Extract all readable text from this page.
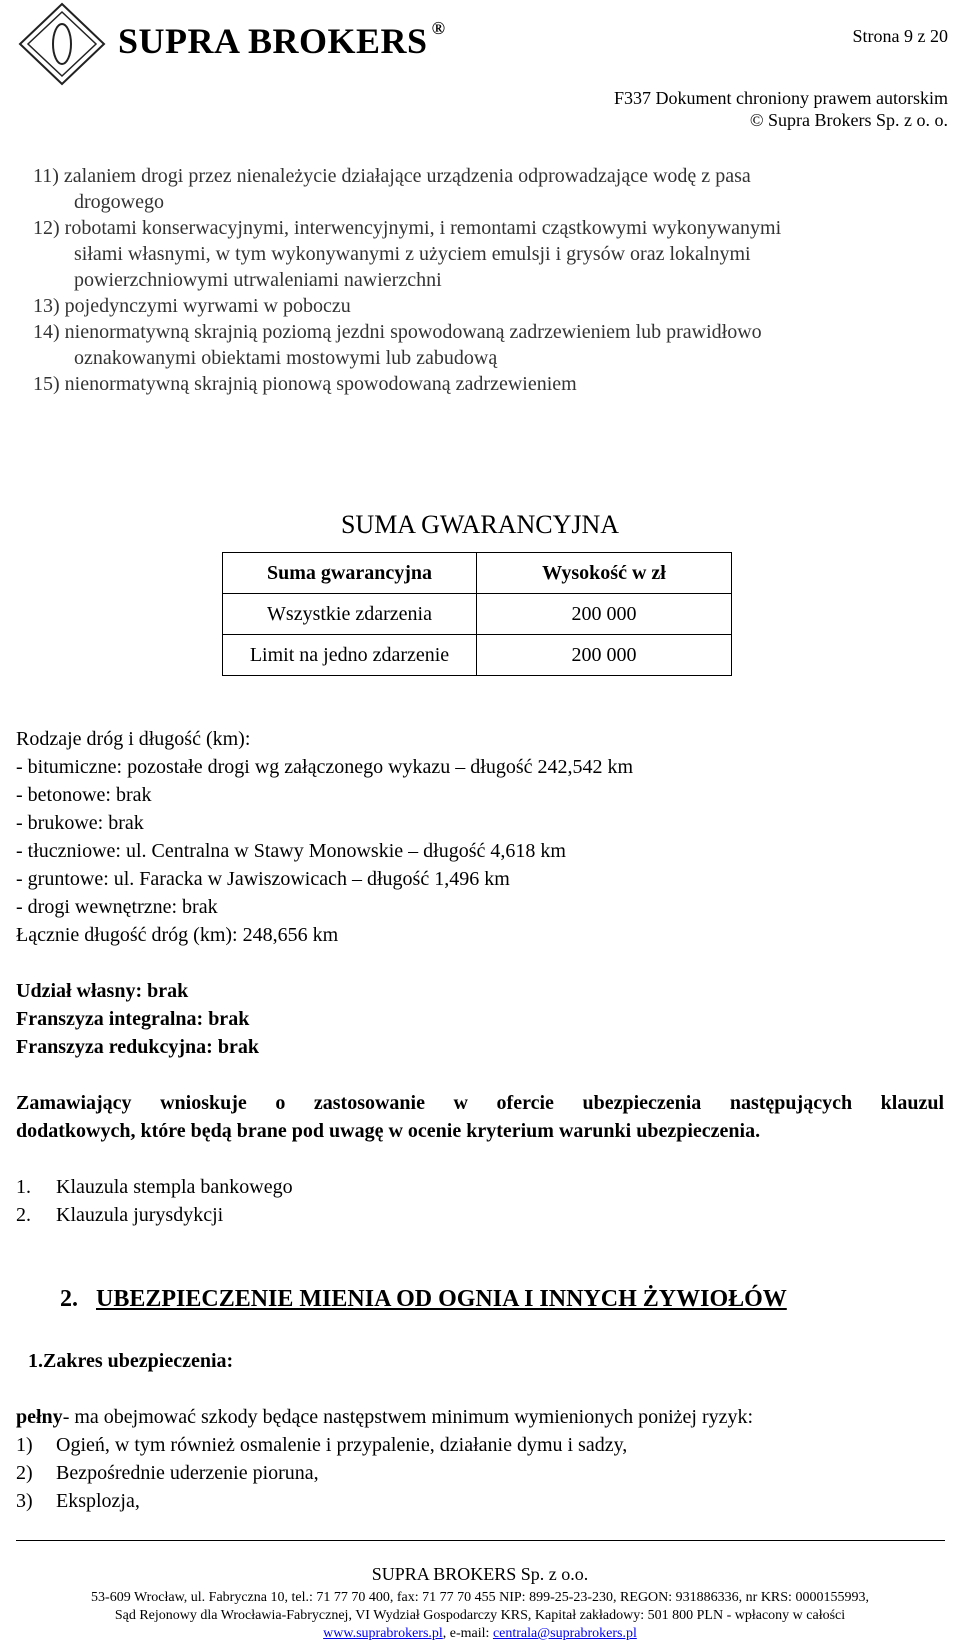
SUPRA BROKERS ®	Strona 9 z 20
F337 Dokument chroniony prawem autorskim
© Supra Brokers Sp. z o. o.
11) zalaniem drogi przez nienależycie działające urządzenia odprowadzające wodę z pasa
drogowego
12) robotami konserwacyjnymi, interwencyjnymi, i remontami cząstkowymi wykonywanymi
siłami własnymi, w tym wykonywanymi z użyciem emulsji i grysów oraz lokalnymi
powierzchniowymi utrwaleniami nawierzchni
13) pojedynczymi wyrwami w poboczu
14) nienormatywną skrajnią poziomą jezdni spowodowaną zadrzewieniem lub prawidłowo
oznakowanymi obiektami mostowymi lub zabudową
15) nienormatywną skrajnią pionową spowodowaną zadrzewieniem
SUMA GWARANCYJNA
Suma gwarancyjna	Wysokość w zł
Wszystkie zdarzenia	200 000
Limit na jedno zdarzenie	200 000
Rodzaje dróg i długość (km):
- bitumiczne: pozostałe drogi wg załączonego wykazu – długość 242,542 km
- betonowe: brak
- brukowe: brak
- tłuczniowe: ul. Centralna w Stawy Monowskie – długość 4,618 km
- gruntowe: ul. Faracka w Jawiszowicach – długość 1,496 km
- drogi wewnętrzne: brak
Łącznie długość dróg (km): 248,656 km
Udział własny: brak
Franszyza integralna: brak
Franszyza redukcyjna: brak
Zamawiający wnioskuje o zastosowanie w ofercie ubezpieczenia następujących klauzul
dodatkowych, które będą brane pod uwagę w ocenie kryterium warunki ubezpieczenia.
1. Klauzula stempla bankowego
2. Klauzula jurysdykcji
2. UBEZPIECZENIE MIENIA OD OGNIA I INNYCH ŻYWIOŁÓW
1.Zakres ubezpieczenia:
pełny- ma obejmować szkody będące następstwem minimum wymienionych poniżej ryzyk:
1) Ogień, w tym również osmalenie i przypalenie, działanie dymu i sadzy,
2) Bezpośrednie uderzenie pioruna,
3) Eksplozja,
SUPRA BROKERS Sp. z o.o.
53-609 Wrocław, ul. Fabryczna 10, tel.: 71 77 70 400, fax: 71 77 70 455 NIP: 899-25-23-230, REGON: 931886336, nr KRS: 0000155993,
Sąd Rejonowy dla Wrocławia-Fabrycznej, VI Wydział Gospodarczy KRS, Kapitał zakładowy: 501 800 PLN - wpłacony w całości
www.suprabrokers.pl, e-mail: centrala@suprabrokers.pl
